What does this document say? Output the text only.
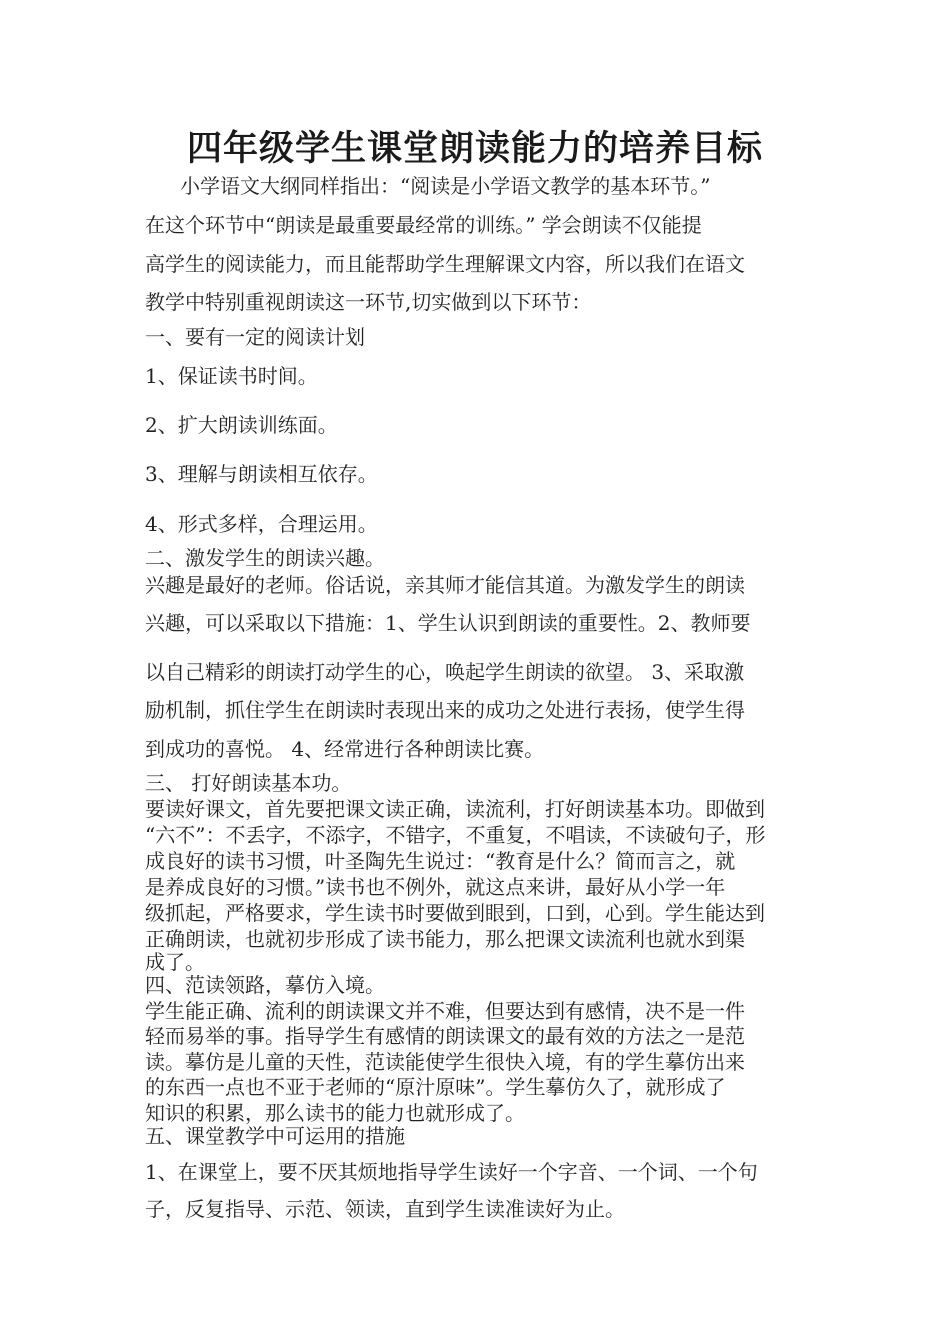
四年级学生课堂朗读能力的培养目标
小学语文大纲同样指出：“阅读是小学语文教学的基本环节。”
在这个环节中“朗读是最重要最经常的训练。” 学会朗读不仅能提
高学生的阅读能力，而且能帮助学生理解课文内容，所以我们在语文
教学中特别重视朗读这一环节,切实做到以下环节：
一、要有一定的阅读计划
1、保证读书时间。
2、扩大朗读训练面。
3、理解与朗读相互依存。
4、形式多样，合理运用。
二、激发学生的朗读兴趣。
兴趣是最好的老师。俗话说，亲其师才能信其道。为激发学生的朗读
兴趣，可以采取以下措施：1、学生认识到朗读的重要性。2、教师要
以自己精彩的朗读打动学生的心，唤起学生朗读的欲望。 3、采取激
励机制，抓住学生在朗读时表现出来的成功之处进行表扬，使学生得
到成功的喜悦。 4、经常进行各种朗读比赛。
三、 打好朗读基本功。
要读好课文，首先要把课文读正确，读流利，打好朗读基本功。即做到
“六不”：不丢字，不添字，不错字，不重复，不唱读，不读破句子，形
成良好的读书习惯，叶圣陶先生说过：“教育是什么？简而言之，就
是养成良好的习惯。”读书也不例外，就这点来讲，最好从小学一年
级抓起，严格要求，学生读书时要做到眼到，口到，心到。学生能达到
正确朗读，也就初步形成了读书能力，那么把课文读流利也就水到渠
成了。
四、范读领路，摹仿入境。
学生能正确、流利的朗读课文并不难，但要达到有感情，决不是一件
轻而易举的事。指导学生有感情的朗读课文的最有效的方法之一是范
读。摹仿是儿童的天性，范读能使学生很快入境，有的学生摹仿出来
的东西一点也不亚于老师的“原汁原味”。学生摹仿久了，就形成了
知识的积累，那么读书的能力也就形成了。
五、课堂教学中可运用的措施
1、在课堂上，要不厌其烦地指导学生读好一个字音、一个词、一个句
子，反复指导、示范、领读，直到学生读准读好为止。
